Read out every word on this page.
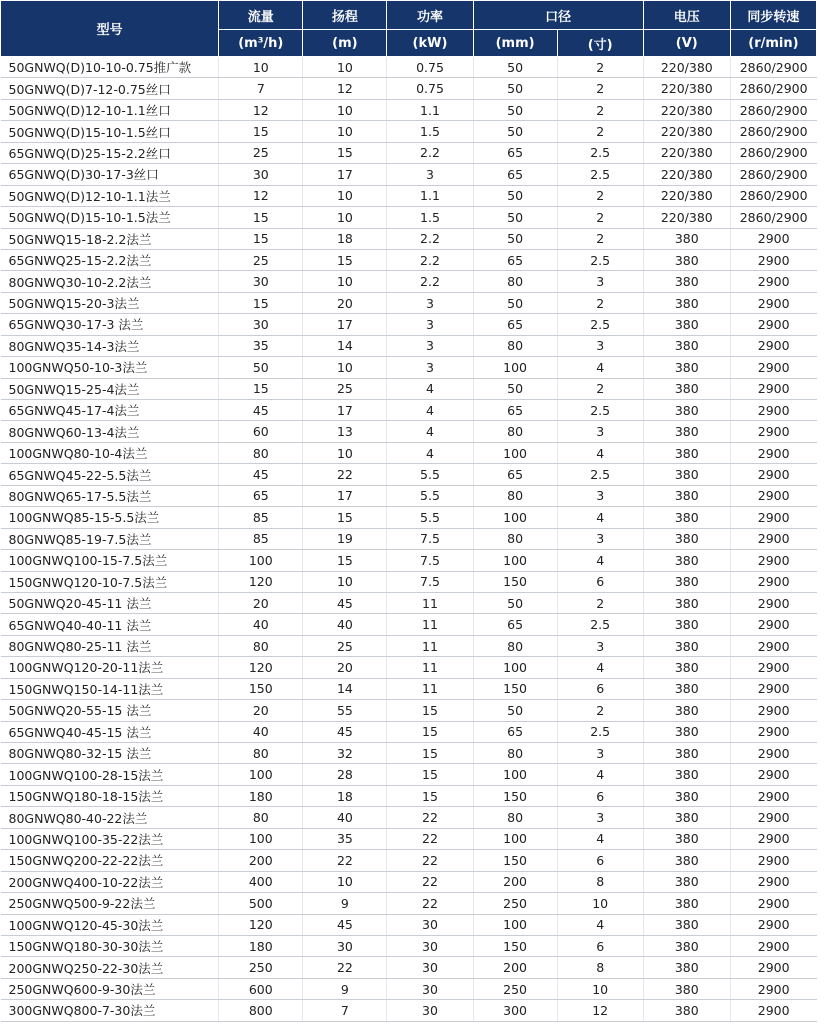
型号	流量	扬程	功率	口径		电压	同步转速
	(m³/h)	(m)	(kW)	(mm)	(寸)	(V)	(r/min)
50GNWQ(D)10-10-0.75推广款	10	10	0.75	50	2	220/380	2860/2900
50GNWQ(D)7-12-0.75丝口	7	12	0.75	50	2	220/380	2860/2900
50GNWQ(D)12-10-1.1丝口	12	10	1.1	50	2	220/380	2860/2900
50GNWQ(D)15-10-1.5丝口	15	10	1.5	50	2	220/380	2860/2900
65GNWQ(D)25-15-2.2丝口	25	15	2.2	65	2.5	220/380	2860/2900
65GNWQ(D)30-17-3丝口	30	17	3	65	2.5	220/380	2860/2900
50GNWQ(D)12-10-1.1法兰	12	10	1.1	50	2	220/380	2860/2900
50GNWQ(D)15-10-1.5法兰	15	10	1.5	50	2	220/380	2860/2900
50GNWQ15-18-2.2法兰	15	18	2.2	50	2	380	2900
65GNWQ25-15-2.2法兰	25	15	2.2	65	2.5	380	2900
80GNWQ30-10-2.2法兰	30	10	2.2	80	3	380	2900
50GNWQ15-20-3法兰	15	20	3	50	2	380	2900
65GNWQ30-17-3 法兰	30	17	3	65	2.5	380	2900
80GNWQ35-14-3法兰	35	14	3	80	3	380	2900
100GNWQ50-10-3法兰	50	10	3	100	4	380	2900
50GNWQ15-25-4法兰	15	25	4	50	2	380	2900
65GNWQ45-17-4法兰	45	17	4	65	2.5	380	2900
80GNWQ60-13-4法兰	60	13	4	80	3	380	2900
100GNWQ80-10-4法兰	80	10	4	100	4	380	2900
65GNWQ45-22-5.5法兰	45	22	5.5	65	2.5	380	2900
80GNWQ65-17-5.5法兰	65	17	5.5	80	3	380	2900
100GNWQ85-15-5.5法兰	85	15	5.5	100	4	380	2900
80GNWQ85-19-7.5法兰	85	19	7.5	80	3	380	2900
100GNWQ100-15-7.5法兰	100	15	7.5	100	4	380	2900
150GNWQ120-10-7.5法兰	120	10	7.5	150	6	380	2900
50GNWQ20-45-11 法兰	20	45	11	50	2	380	2900
65GNWQ40-40-11 法兰	40	40	11	65	2.5	380	2900
80GNWQ80-25-11 法兰	80	25	11	80	3	380	2900
100GNWQ120-20-11法兰	120	20	11	100	4	380	2900
150GNWQ150-14-11法兰	150	14	11	150	6	380	2900
50GNWQ20-55-15 法兰	20	55	15	50	2	380	2900
65GNWQ40-45-15 法兰	40	45	15	65	2.5	380	2900
80GNWQ80-32-15 法兰	80	32	15	80	3	380	2900
100GNWQ100-28-15法兰	100	28	15	100	4	380	2900
150GNWQ180-18-15法兰	180	18	15	150	6	380	2900
80GNWQ80-40-22法兰	80	40	22	80	3	380	2900
100GNWQ100-35-22法兰	100	35	22	100	4	380	2900
150GNWQ200-22-22法兰	200	22	22	150	6	380	2900
200GNWQ400-10-22法兰	400	10	22	200	8	380	2900
250GNWQ500-9-22法兰	500	9	22	250	10	380	2900
100GNWQ120-45-30法兰	120	45	30	100	4	380	2900
150GNWQ180-30-30法兰	180	30	30	150	6	380	2900
200GNWQ250-22-30法兰	250	22	30	200	8	380	2900
250GNWQ600-9-30法兰	600	9	30	250	10	380	2900
300GNWQ800-7-30法兰	800	7	30	300	12	380	2900
